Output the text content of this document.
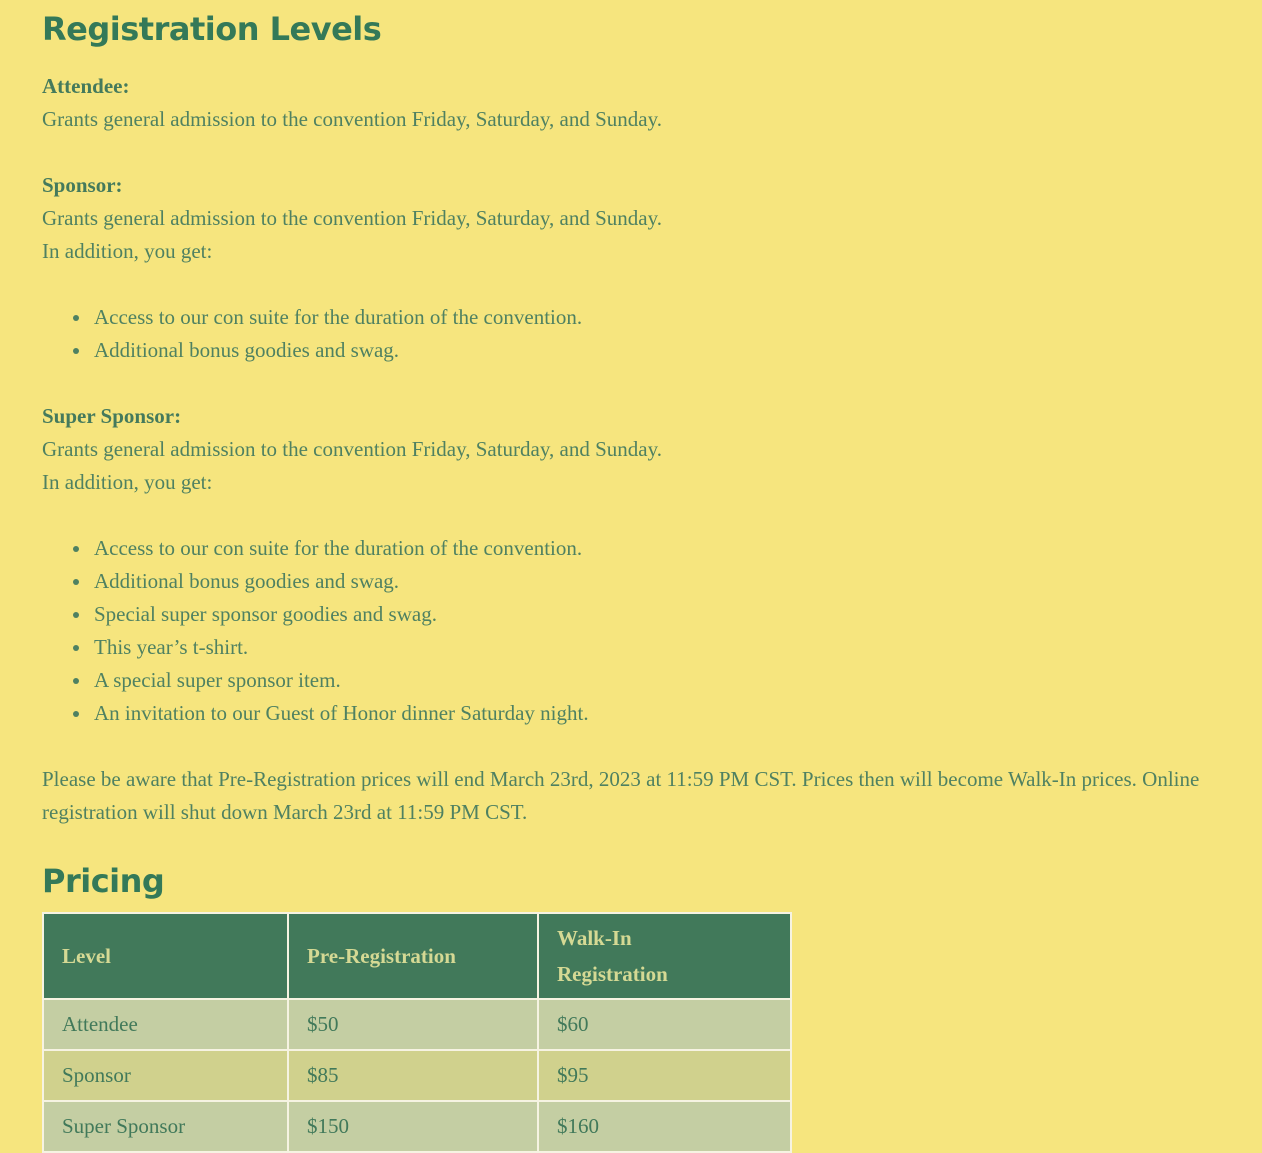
Registration Levels

Attendee:
Grants general admission to the convention Friday, Saturday, and Sunday.

Sponsor:
Grants general admission to the convention Friday, Saturday, and Sunday.
In addition, you get:

• Access to our con suite for the duration of the convention.
• Additional bonus goodies and swag.

Super Sponsor:
Grants general admission to the convention Friday, Saturday, and Sunday.
In addition, you get:

• Access to our con suite for the duration of the convention.
• Additional bonus goodies and swag.
• Special super sponsor goodies and swag.
• This year’s t-shirt.
• A special super sponsor item.
• An invitation to our Guest of Honor dinner Saturday night.

Please be aware that Pre-Registration prices will end March 23rd, 2023 at 11:59 PM CST. Prices then will become Walk-In prices. Online registration will shut down March 23rd at 11:59 PM CST.

Pricing
Level	Pre-Registration	Walk-In Registration
Attendee	$50	$60
Sponsor	$85	$95
Super Sponsor	$150	$160
